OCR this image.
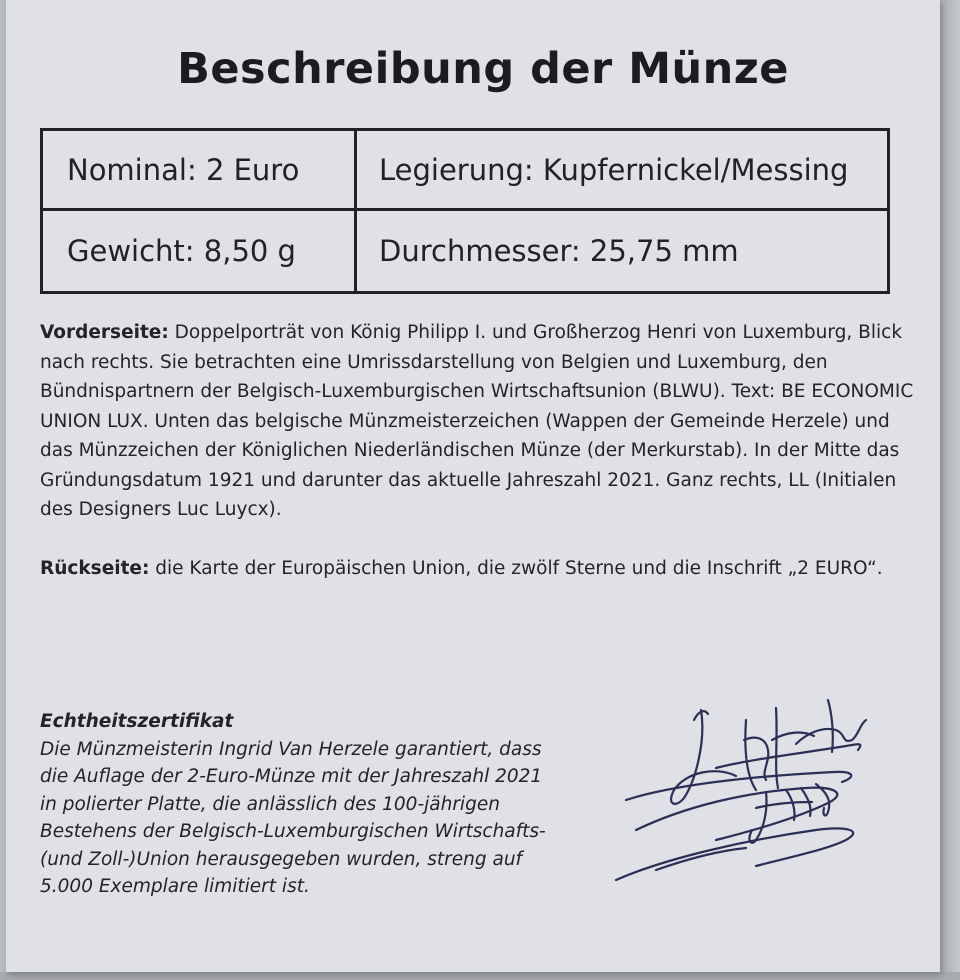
Beschreibung der Münze
Nominal: 2 Euro	Legierung: Kupfernickel/Messing
Gewicht: 8,50 g	Durchmesser: 25,75 mm

Vorderseite: Doppelporträt von König Philipp I. und Großherzog Henri von Luxemburg, Blick nach rechts. Sie betrachten eine Umrissdarstellung von Belgien und Luxemburg, den Bündnispartnern der Belgisch-Luxemburgischen Wirtschaftsunion (BLWU). Text: BE ECONOMIC UNION LUX. Unten das belgische Münzmeisterzeichen (Wappen der Gemeinde Herzele) und das Münzzeichen der Königlichen Niederländischen Münze (der Merkurstab). In der Mitte das Gründungsdatum 1921 und darunter das aktuelle Jahreszahl 2021. Ganz rechts, LL (Initialen des Designers Luc Luycx).

Rückseite: die Karte der Europäischen Union, die zwölf Sterne und die Inschrift „2 EURO“.

Echtheitszertifikat
Die Münzmeisterin Ingrid Van Herzele garantiert, dass
die Auflage der 2-Euro-Münze mit der Jahreszahl 2021
in polierter Platte, die anlässlich des 100-jährigen
Bestehens der Belgisch-Luxemburgischen Wirtschafts-
(und Zoll-)Union herausgegeben wurden, streng auf
5.000 Exemplare limitiert ist.
